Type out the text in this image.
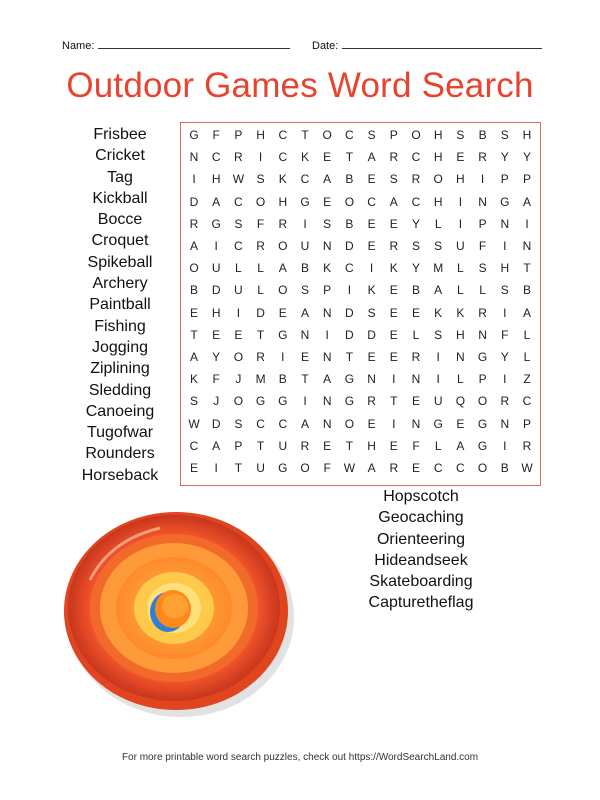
Name:	Date:
Outdoor Games Word Search
Frisbee
Cricket
Tag
Kickball
Bocce
Croquet
Spikeball
Archery
Paintball
Fishing
Jogging
Ziplining
Sledding
Canoeing
Tugofwar
Rounders
Horseback
G	F	P	H	C	T	O	C	S	P	O	H	S	B	S	H
N	C	R	I	C	K	E	T	A	R	C	H	E	R	Y	Y
I	H	W	S	K	C	A	B	E	S	R	O	H	I	P	P
D	A	C	O	H	G	E	O	C	A	C	H	I	N	G	A
R	G	S	F	R	I	S	B	E	E	Y	L	I	P	N	I
A	I	C	R	O	U	N	D	E	R	S	S	U	F	I	N
O	U	L	L	A	B	K	C	I	K	Y	M	L	S	H	T
B	D	U	L	O	S	P	I	K	E	B	A	L	L	S	B
E	H	I	D	E	A	N	D	S	E	E	K	K	R	I	A
T	E	E	T	G	N	I	D	D	E	L	S	H	N	F	L
A	Y	O	R	I	E	N	T	E	E	R	I	N	G	Y	L
K	F	J	M	B	T	A	G	N	I	N	I	L	P	I	Z
S	J	O	G	G	I	N	G	R	T	E	U	Q	O	R	C
W	D	S	C	C	A	N	O	E	I	N	G	E	G	N	P
C	A	P	T	U	R	E	T	H	E	F	L	A	G	I	R
E	I	T	U	G	O	F	W	A	R	E	C	C	O	B	W
Hopscotch
Geocaching
Orienteering
Hideandseek
Skateboarding
Capturetheflag
For more printable word search puzzles, check out https://WordSearchLand.com
